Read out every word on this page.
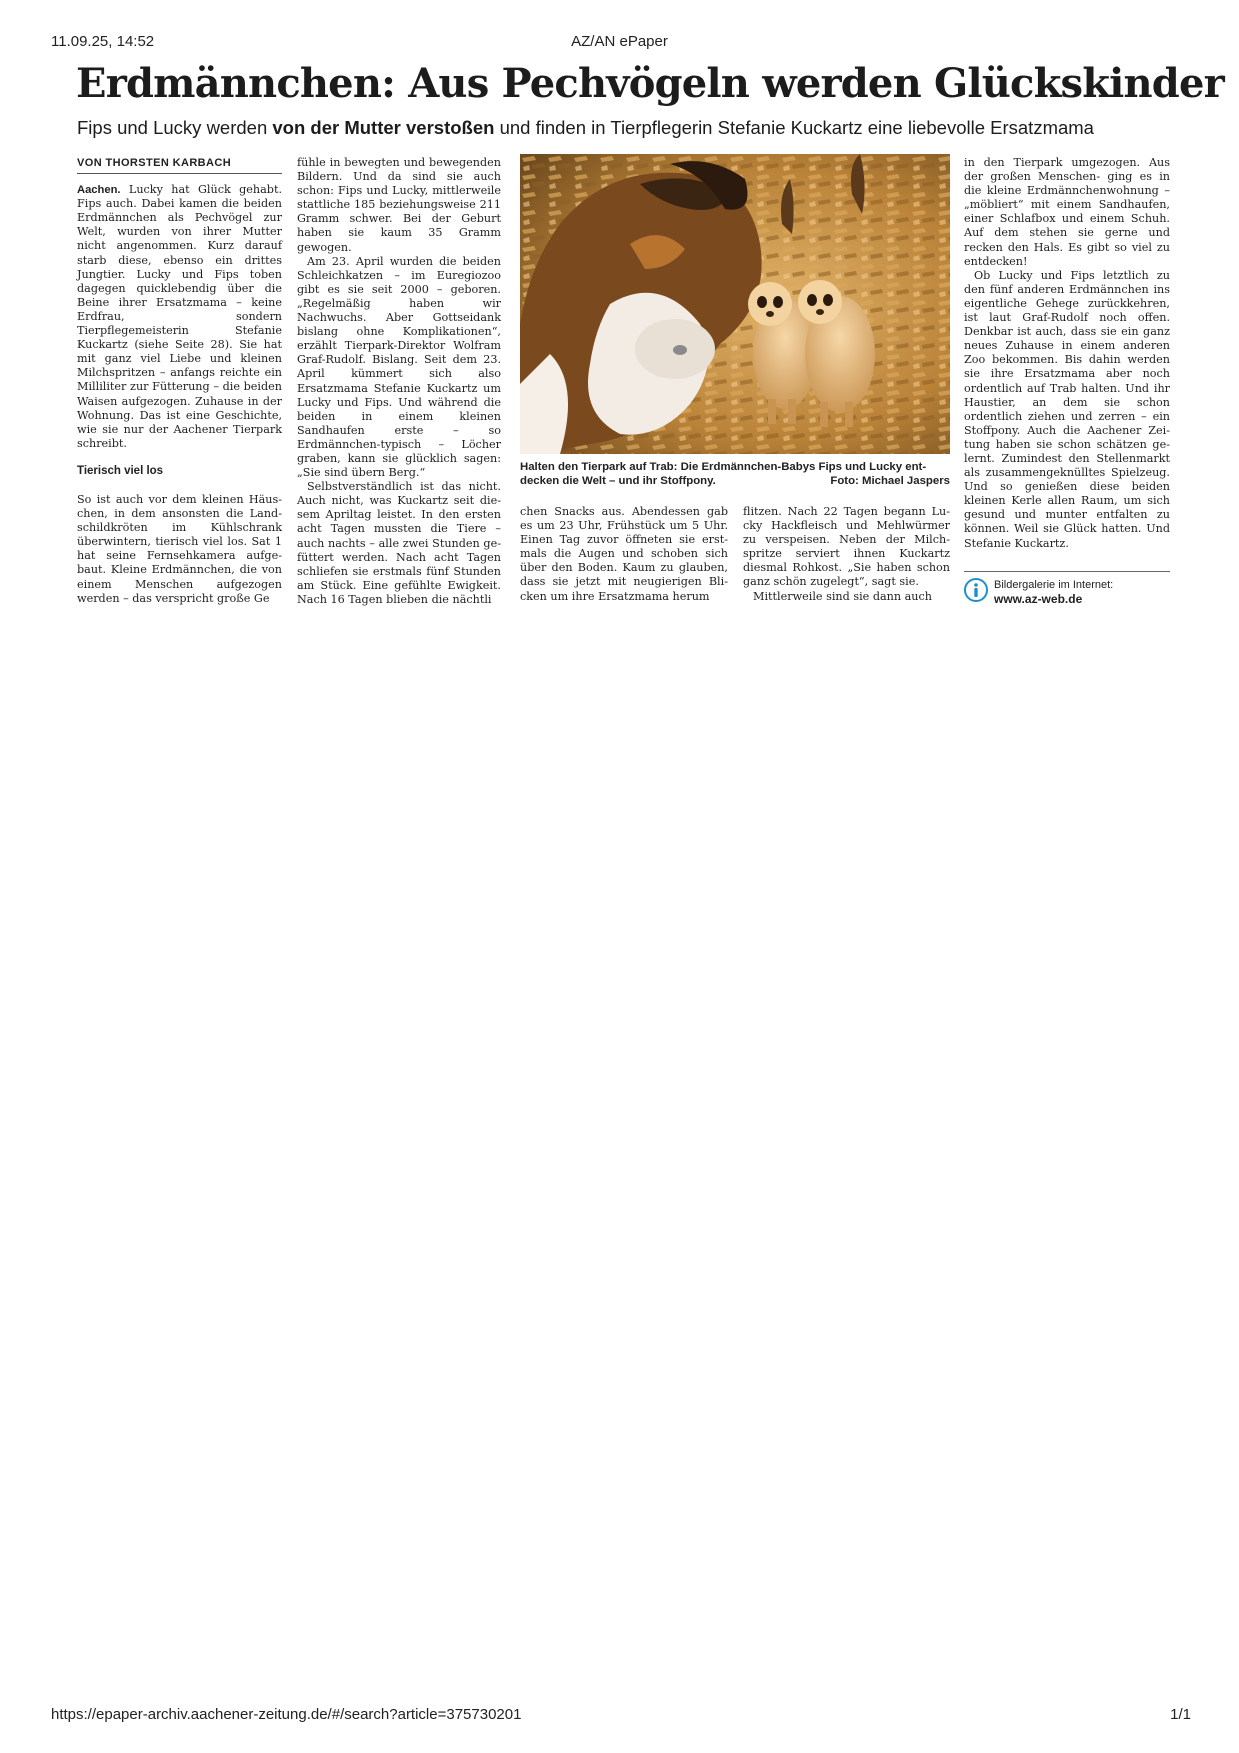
11.09.25, 14:52	AZ/AN ePaper
Erdmännchen: Aus Pechvögeln werden Glückskinder
Fips und Lucky werden von der Mutter verstoßen und finden in Tierpflegerin Stefanie Kuckartz eine liebevolle Ersatzmama
VON THORSTEN KARBACH

Aachen. Lucky hat Glück gehabt. Fips auch. Dabei kamen die beiden Erdmännchen als Pechvögel zur Welt, wurden von ihrer Mutter nicht angenommen. Kurz darauf starb diese, ebenso ein drittes Jungtier. Lucky und Fips toben dagegen quicklebendig über die Beine ihrer Ersatzmama – keine Erdfrau, sondern Tierpflegemeisterin Stefanie Kuckartz (siehe Seite 28). Sie hat mit ganz viel Liebe und kleinen Milchspritzen – anfangs reichte ein Milliliter zur Fütterung – die beiden Waisen aufgezogen. Zuhause in der Wohnung. Das ist eine Geschichte, wie sie nur der Aachener Tierpark schreibt.

Tierisch viel los

So ist auch vor dem kleinen Häuschen, in dem ansonsten die Landschildkröten im Kühlschrank überwintern, tierisch viel los. Sat 1 hat seine Fernsehkamera aufgebaut. Kleine Erdmännchen, die von einem Menschen aufgezogen werden – das verspricht große Ge

fühle in bewegten und bewegenden Bildern. Und da sind sie auch schon: Fips und Lucky, mittlerweile stattliche 185 beziehungsweise 211 Gramm schwer. Bei der Geburt haben sie kaum 35 Gramm gewogen.

Am 23. April wurden die beiden Schleichkatzen – im Euregiozoo gibt es sie seit 2000 – geboren. „Regelmäßig haben wir Nachwuchs. Aber Gottseidank bislang ohne Komplikationen“, erzählt Tierpark-Direktor Wolfram Graf-Rudolf. Bislang. Seit dem 23. April kümmert sich also Ersatzmama Stefanie Kuckartz um Lucky und Fips. Und während die beiden in einem kleinen Sandhaufen erste – so Erdmännchen-typisch – Löcher graben, kann sie glücklich sagen: „Sie sind übern Berg.“

Selbstverständlich ist das nicht. Auch nicht, was Kuckartz seit diesem Apriltag leistet. In den ersten acht Tagen mussten die Tiere – auch nachts – alle zwei Stunden gefüttert werden. Nach acht Tagen schliefen sie erstmals fünf Stunden am Stück. Eine gefühlte Ewigkeit. Nach 16 Tagen blieben die nächtli

Halten den Tierpark auf Trab: Die Erdmännchen-Babys Fips und Lucky entdecken die Welt – und ihr Stoffpony.	Foto: Michael Jaspers

chen Snacks aus. Abendessen gab es um 23 Uhr, Frühstück um 5 Uhr. Einen Tag zuvor öffneten sie erstmals die Augen und schoben sich über den Boden. Kaum zu glauben, dass sie jetzt mit neugierigen Blicken um ihre Ersatzmama herum

flitzen. Nach 22 Tagen begann Lucky Hackfleisch und Mehlwürmer zu verspeisen. Neben der Milchspritze serviert ihnen Kuckartz diesmal Rohkost. „Sie haben schon ganz schön zugelegt“, sagt sie.

Mittlerweile sind sie dann auch

in den Tierpark umgezogen. Aus der großen Menschen- ging es in die kleine Erdmännchenwohnung – „möbliert“ mit einem Sandhaufen, einer Schlafbox und einem Schuh. Auf dem stehen sie gerne und recken den Hals. Es gibt so viel zu entdecken!

Ob Lucky und Fips letztlich zu den fünf anderen Erdmännchen ins eigentliche Gehege zurückkehren, ist laut Graf-Rudolf noch offen. Denkbar ist auch, dass sie ein ganz neues Zuhause in einem anderen Zoo bekommen. Bis dahin werden sie ihre Ersatzmama aber noch ordentlich auf Trab halten. Und ihr Haustier, an dem sie schon ordentlich ziehen und zerren – ein Stoffpony. Auch die Aachener Zeitung haben sie schon schätzen gelernt. Zumindest den Stellenmarkt als zusammengeknülltes Spielzeug. Und so genießen diese beiden kleinen Kerle allen Raum, um sich gesund und munter entfalten zu können. Weil sie Glück hatten. Und Stefanie Kuckartz.

Bildergalerie im Internet:
www.az-web.de
https://epaper-archiv.aachener-zeitung.de/#/search?article=375730201	1/1
